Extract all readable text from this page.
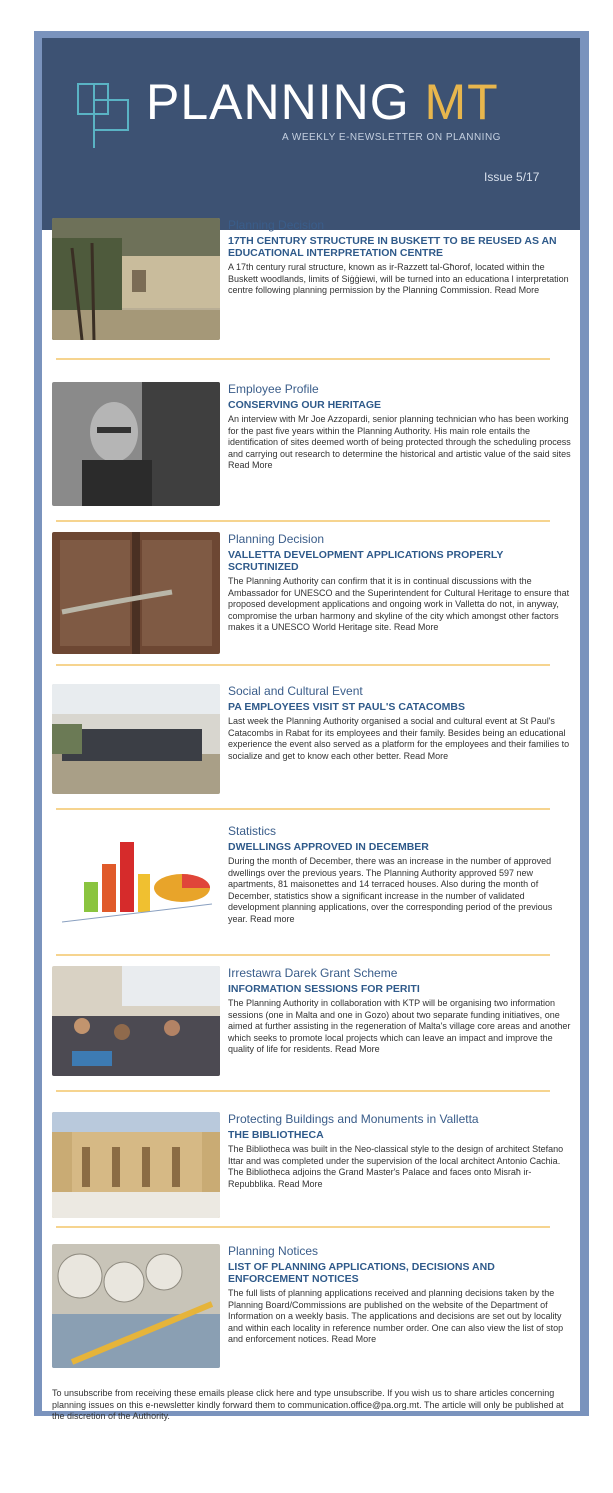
PLANNING MT
A WEEKLY E-NEWSLETTER ON PLANNING
Issue 5/17
Planning Decision
17TH CENTURY STRUCTURE IN BUSKETT TO BE REUSED AS AN EDUCATIONAL INTERPRETATION CENTRE
A 17th century rural structure, known as ir-Razzett tal-Għorof, located within the Buskett woodlands, limits of Siġġiewi, will be turned into an educationa l interpretation centre following planning permission by the Planning Commission. Read More
Employee Profile
CONSERVING OUR HERITAGE
An interview with Mr Joe Azzopardi, senior planning technician who has been working for the past five years within the Planning Authority. His main role entails the identification of sites deemed worth of being protected through the scheduling process and carrying out research to determine the historical and artistic value of the said sites Read More
Planning Decision
VALLETTA DEVELOPMENT APPLICATIONS PROPERLY SCRUTINIZED
The Planning Authority can confirm that it is in continual discussions with the Ambassador for UNESCO and the Superintendent for Cultural Heritage to ensure that proposed development applications and ongoing work in Valletta do not, in anyway, compromise the urban harmony and skyline of the city which amongst other factors makes it a UNESCO World Heritage site. Read More
Social and Cultural Event
PA EMPLOYEES VISIT ST PAUL'S CATACOMBS
Last week the Planning Authority organised a social and cultural event at St Paul's Catacombs in Rabat for its employees and their family. Besides being an educational experience the event also served as a platform for the employees and their families to socialize and get to know each other better. Read More
Statistics
DWELLINGS APPROVED IN DECEMBER
During the month of December, there was an increase in the number of approved dwellings over the previous years. The Planning Authority approved 597 new apartments, 81 maisonettes and 14 terraced houses. Also during the month of December, statistics show a significant increase in the number of validated development planning applications, over the corresponding period of the previous year. Read more
Irrestawra Darek Grant Scheme
INFORMATION SESSIONS FOR PERITI
The Planning Authority in collaboration with KTP will be organising two information sessions (one in Malta and one in Gozo) about two separate funding initiatives, one aimed at further assisting in the regeneration of Malta's village core areas and another which seeks to promote local projects which can leave an impact and improve the quality of life for residents. Read More
Protecting Buildings and Monuments in Valletta
THE BIBLIOTHECA
The Bibliotheca was built in the Neo-classical style to the design of architect Stefano Ittar and was completed under the supervision of the local architect Antonio Cachia. The Bibliotheca adjoins the Grand Master's Palace and faces onto Misraħ ir-Repubblika. Read More
Planning Notices
LIST OF PLANNING APPLICATIONS, DECISIONS AND ENFORCEMENT NOTICES
The full lists of planning applications received and planning decisions taken by the Planning Board/Commissions are published on the website of the Department of Information on a weekly basis. The applications and decisions are set out by locality and within each locality in reference number order. One can also view the list of stop and enforcement notices. Read More
To unsubscribe from receiving these emails please click here and type unsubscribe. If you wish us to share articles concerning planning issues on this e-newsletter kindly forward them to communication.office@pa.org.mt. The article will only be published at the discretion of the Authority.
